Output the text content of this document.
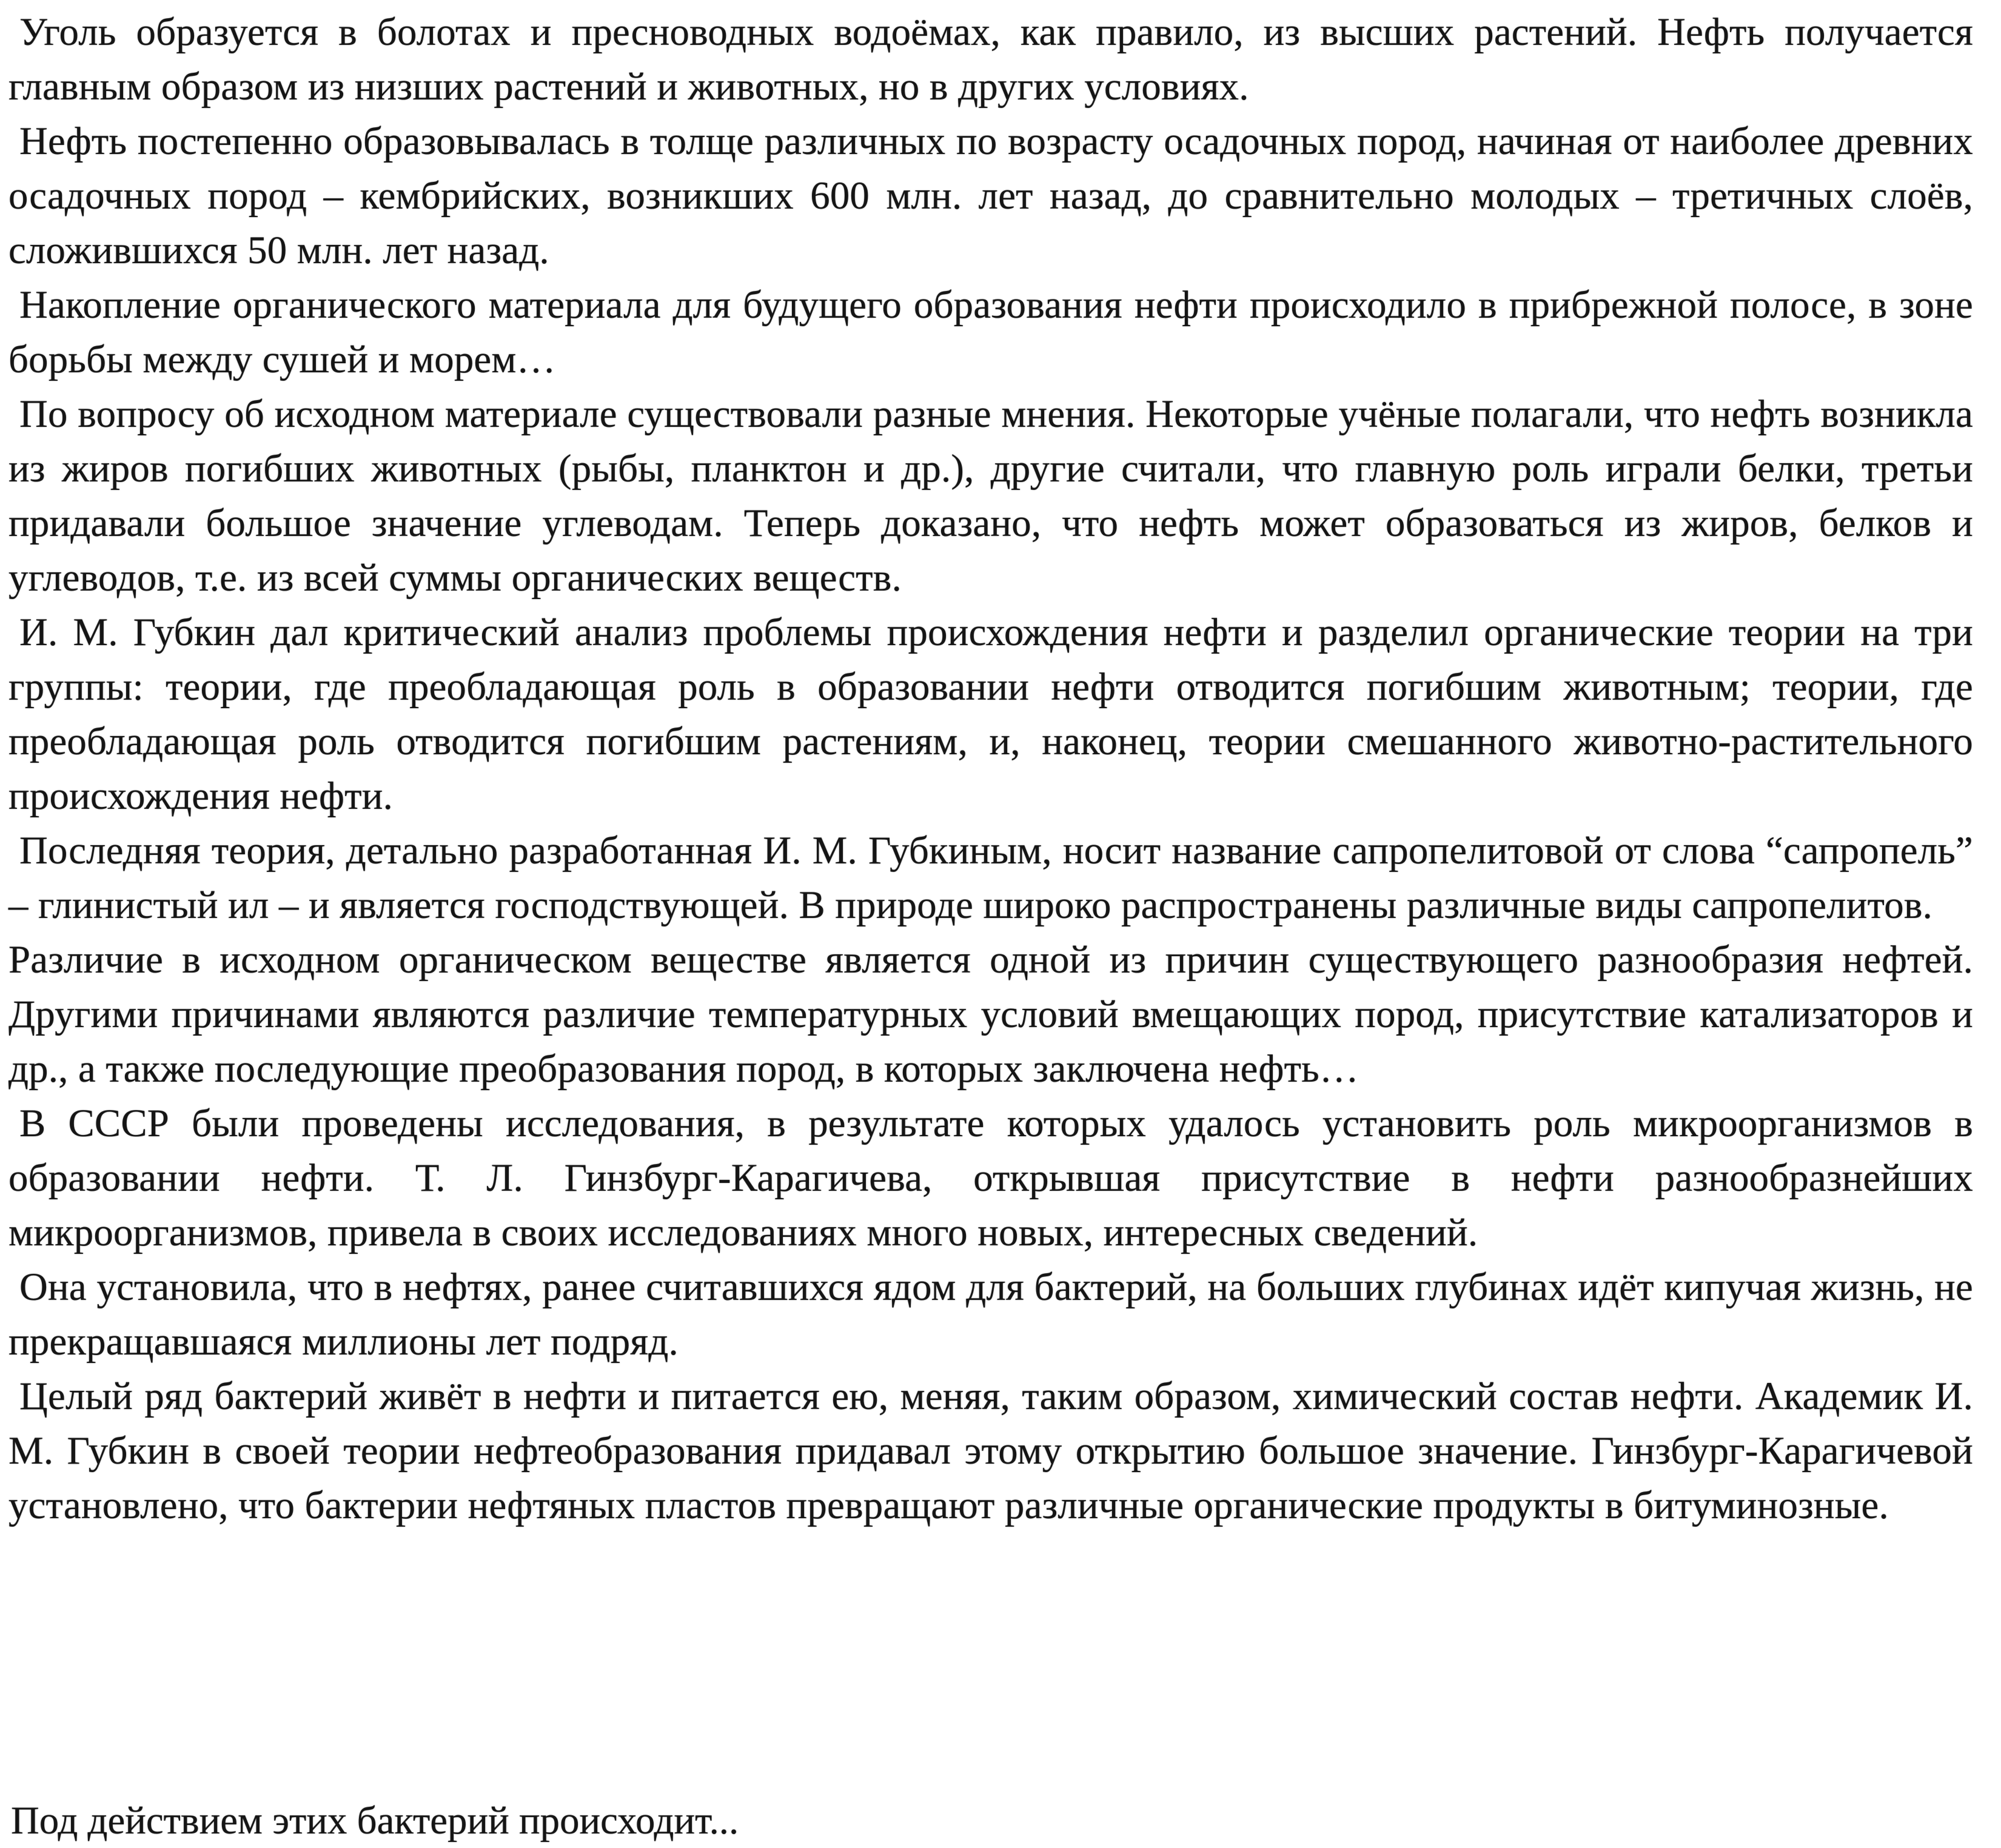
Уголь образуется в болотах и пресноводных водоёмах, как правило, из высших растений. Нефть получается главным образом из низших растений и животных, но в других условиях.

Нефть постепенно образовывалась в толще различных по возрасту осадочных пород, начиная от наиболее древних осадочных пород – кембрийских, возникших 600 млн. лет назад, до сравнительно молодых – третичных слоёв, сложившихся 50 млн. лет назад.

Накопление органического материала для будущего образования нефти происходило в прибрежной полосе, в зоне борьбы между сушей и морем…

По вопросу об исходном материале существовали разные мнения. Некоторые учёные полагали, что нефть возникла из жиров погибших животных (рыбы, планктон и др.), другие считали, что главную роль играли белки, третьи придавали большое значение углеводам. Теперь доказано, что нефть может образоваться из жиров, белков и углеводов, т.е. из всей суммы органических веществ.

И. М. Губкин дал критический анализ проблемы происхождения нефти и разделил органические теории на три группы: теории, где преобладающая роль в образовании нефти отводится погибшим животным; теории, где преобладающая роль отводится погибшим растениям, и, наконец, теории смешанного животно-растительного происхождения нефти.

Последняя теория, детально разработанная И. М. Губкиным, носит название сапропелитовой от слова “сапропель” – глинистый ил – и является господствующей. В природе широко распространены различные виды сапропелитов.

Различие в исходном органическом веществе является одной из причин существующего разнообразия нефтей. Другими причинами являются различие температурных условий вмещающих пород, присутствие катализаторов и др., а также последующие преобразования пород, в которых заключена нефть…

В СССР были проведены исследования, в результате которых удалось установить роль микроорганизмов в образовании нефти. Т. Л. Гинзбург-Карагичева, открывшая присутствие в нефти разнообразнейших микроорганизмов, привела в своих исследованиях много новых, интересных сведений.

Она установила, что в нефтях, ранее считавшихся ядом для бактерий, на больших глубинах идёт кипучая жизнь, не прекращавшаяся миллионы лет подряд.

Целый ряд бактерий живёт в нефти и питается ею, меняя, таким образом, химический состав нефти. Академик И. М. Губкин в своей теории нефтеобразования придавал этому открытию большое значение. Гинзбург-Карагичевой установлено, что бактерии нефтяных пластов превращают различные органические продукты в битуминозные.

Под действием этих бактерий происходит...
